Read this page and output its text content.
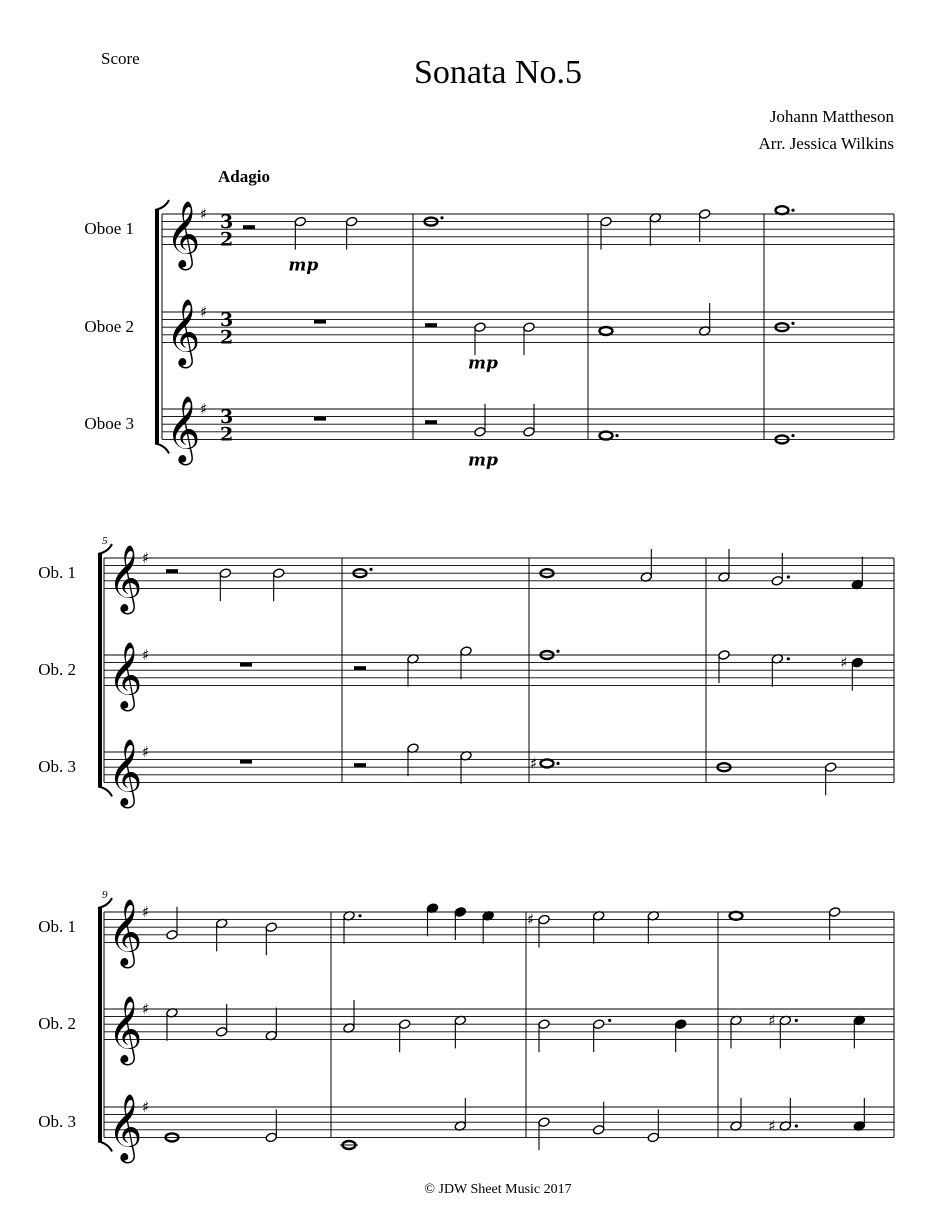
Score	Sonata No.5
Johann Mattheson
Arr. Jessica Wilkins
Adagio
Oboe 1 𝄞 ♯ 3
2
mp
Oboe 2 𝄞 ♯ 3
2
mp
Oboe 3 𝄞 ♯ 3
2
mp
5
Ob. 1 𝄞 ♯
Ob. 2 𝄞 ♯	♯
Ob. 3 𝄞 ♯
♯
9
Ob. 1 𝄞 ♯	♯
Ob. 2 𝄞 ♯
♯
Ob. 3 𝄞 ♯
♯
© JDW Sheet Music 2017
